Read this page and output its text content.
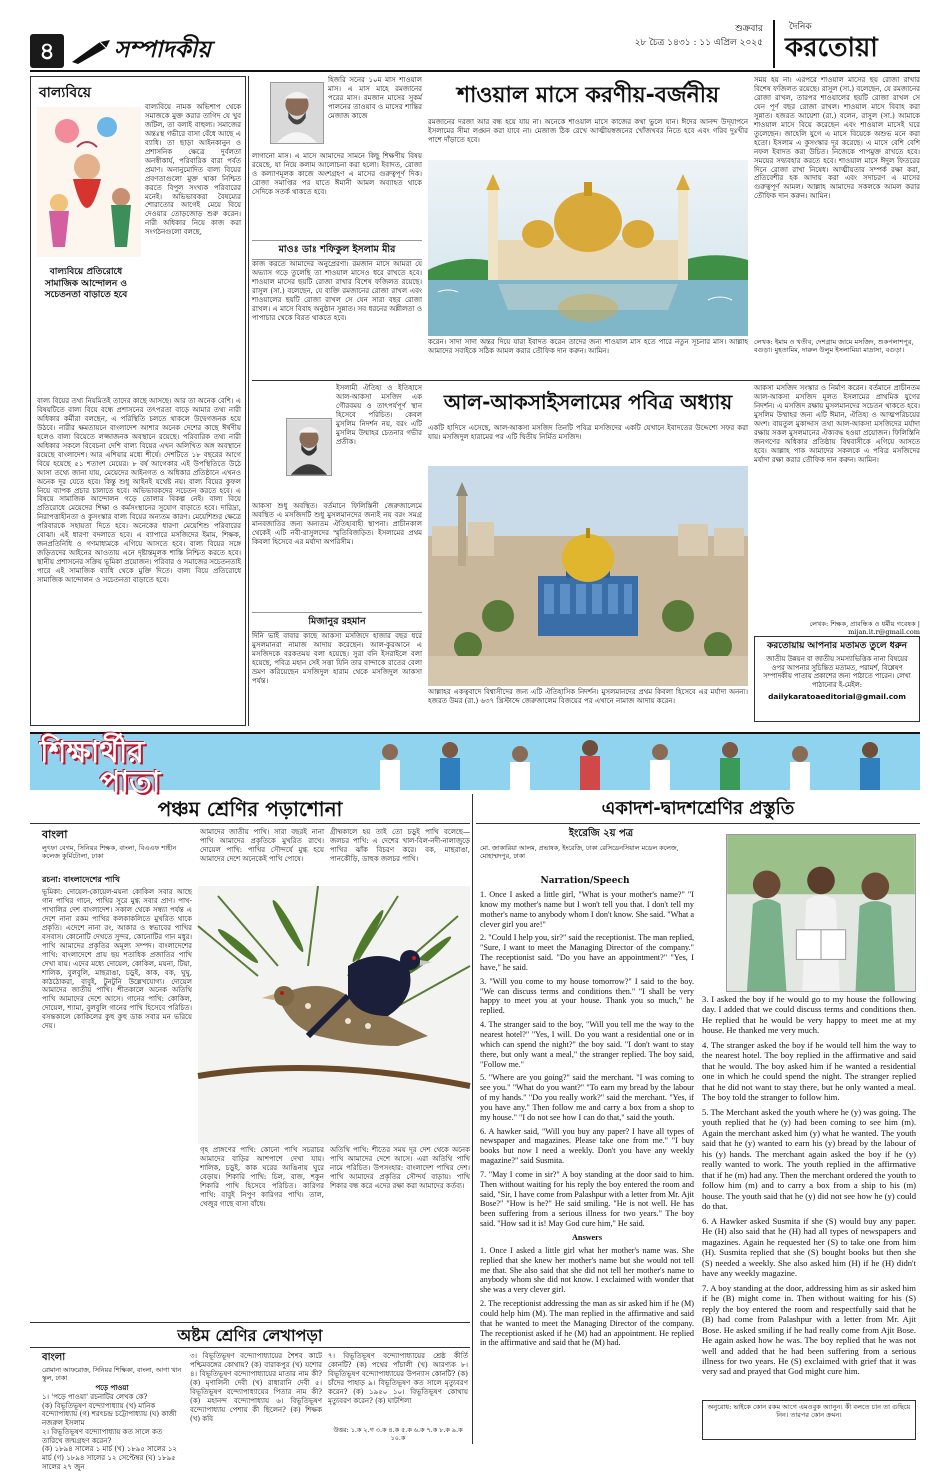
৪	সম্পাদকীয়
শুক্রবার
২৮ চৈত্র ১৪৩১ : ১১ এপ্রিল ২০২৫
দৈনিক
করতোয়া
বাল্যবিয়ে
বাল্যবিয়ে প্রতিরোধে সামাজিক আন্দোলন ও সচেতনতা বাড়াতে হবে
বাল্যবিয়ে নামক অভিশাপ থেকে সমাজকে মুক্ত করার তাগিদ যে খুব জটিল, তা বলাই বাহুল্য। সমাজের অন্তঃস্থ গভীরে বাসা বেঁধে আছে এ ব্যাধি। তা ছাড়া আইনকানুন ও প্রশাসনিক ক্ষেত্রে দুর্বলতা অনস্বীকার্য, পরিবারিক বারা পর্বত প্রমাণ। অনানুমোদিত বাল্য বিয়ের প্রবণতাগুলো মুক্ত থাকা নিশ্চিত করতে বিপুল সংখ্যক পরিবারের মনেই। অভিভাবকরা বৈষম্যের শোরাতোর আগেই মেয়ে বিয়ে দেওয়ার তোড়জোড় শুরু করেন। নারী অধিকার নিয়ে কাজ করা সংগঠনগুলো বলছে,
বাল্য বিয়ের তথ্য নিয়মিতই তাদের কাছে আসছে। আর তা অনেক বেশি। এ বিষয়টিতে বাল্য বিয়ে বন্ধে প্রশাসনের তৎপরতা বাড়ে আমার তথ্য নারী অধিকার কর্মীরা বলছেন, এ পরিস্থিতি চলতে থাকলে উদ্বেগজনক হয়ে উঠবে। নারীর ক্ষমতায়নে বাংলাদেশ আশার অনেক দেশের কাছে ঈর্ষণীয় হলেও বাল্য বিয়েতে লজ্জাজনক অবস্থানে রয়েছে। পরিবারিক তথ্য নারী অধিকার সকলে বিবেচনা দেশি বাল্য বিয়ের এখন অলিখিত অঙ্গ অবস্থানে রয়েছে বাংলাদেশ। আর এশিয়ার মধ্যে শীর্ষে। দেশটিতে ১৮ বছরের আগে বিয়ে হয়েছে ৫১ শতাংশ মেয়ের। ৮ বর্ষ আগেকার এই উপস্থিতিতে উঠে আসা তথ্যে জানা যায়, মেয়েদের আইনগত ও অধিকার প্রতিষ্ঠানে এখনও অনেক দূর যেতে হবে। কিন্তু শুধু আইনই যথেষ্ট নয়। বাল্য বিয়ের কুফল নিয়ে ব্যাপক প্রচার চালাতে হবে। অভিভাবকদের সচেতন করতে হবে। এ বিষয়ে সামাজিক আন্দোলন গড়ে তোলার বিকল্প নেই। বাল্য বিয়ে প্রতিরোধে মেয়েদের শিক্ষা ও কর্মসংস্থানের সুযোগ বাড়াতে হবে। দারিদ্র্য, নিরাপত্তাহীনতা ও কুসংস্কার বাল্য বিয়ের অন্যতম কারণ। মেয়েশিশুর ক্ষেত্রে পরিবারকে সহায়তা দিতে হবে। অনেকের ধারণা মেয়েশিশু পরিবারের বোঝা। এই ধারণা বদলাতে হবে। এ ব্যাপারে মসজিদের ইমাম, শিক্ষক, জনপ্রতিনিধি ও গণমাধ্যমকে এগিয়ে আসতে হবে। বাল্য বিয়ের সঙ্গে জড়িতদের আইনের আওতায় এনে দৃষ্টান্তমূলক শাস্তি নিশ্চিত করতে হবে। স্থানীয় প্রশাসনের সক্রিয় ভূমিকা প্রয়োজন। পরিবার ও সমাজের সচেতনতাই পারে এই সামাজিক ব্যাধি থেকে মুক্তি দিতে। বাল্য বিয়ে প্রতিরোধে সামাজিক আন্দোলন ও সচেতনতা বাড়াতে হবে।
হিজরি সনের ১০ম মাস শাওয়াল মাস। এ মাস মাহে রমজানের পরের মাস। রমজান মাসের সুকর্ম পালনের তাওয়াব ও মাসের শান্তির মেজাজ কাজে
লাগানো মাস। এ মাসে আমাদের সামনে কিছু শিক্ষণীয় বিষয় রয়েছে, যা নিয়ে কলাম আলোচনা করা হলো। ইবাদত, রোজা ও কল্যাণমূলক কাজে অংশগ্রহণ এ মাসের গুরুত্বপূর্ণ দিক। রোজা সমাপ্তির পর যাতে ঈমানী আমল অব্যাহত থাকে সেদিকে সতর্ক থাকতে হবে।
মাওঃ ডাঃ শফিকুল ইসলাম মীর
কাজ করতে আমাদের অনুপ্রেরণা। রমজান মাসে আমরা যে অভ্যাস গড়ে তুলেছি তা শাওয়াল মাসেও ধরে রাখতে হবে। শাওয়াল মাসের ছয়টি রোজা রাখার বিশেষ ফজিলত রয়েছে। রাসুল (সা.) বলেছেন, যে ব্যক্তি রমজানের রোজা রাখল এবং শাওয়ালের ছয়টি রোজা রাখল সে যেন সারা বছর রোজা রাখল। এ মাসে বিবাহ অনুষ্ঠান সুন্নাত। সব ধরনের অশ্লীলতা ও পাপাচার থেকে বিরত থাকতে হবে।
শাওয়াল মাসে করণীয়-বর্জনীয়
রমজানের দরজা আর বন্ধ হয়ে যায় না। অনেকে শাওয়াল মাসে কাজের কথা ভুলে যান। ঈদের আনন্দ উদ্‌যাপনে ইসলামের সীমা লঙ্ঘন করা যাবে না। মেজাজ ঠিক রেখে আত্মীয়স্বজনের খোঁজখবর নিতে হবে এবং গরিব দুঃখীর পাশে দাঁড়াতে হবে।
করেন। সাদা সাদা অন্তর দিয়ে যারা ইবাদত করেন তাদের জন্য শাওয়াল মাস হতে পারে নতুন সূচনার মাস। আল্লাহ আমাদের সবাইকে সঠিক আমল করার তৌফিক দান করুন। আমিন।
সময় হয় না। এরপরে শাওয়াল মাসের ছয় রোজা রাখার বিশেষ ফজিলত রয়েছে। রাসুল (সা.) বলেছেন, যে রমজানের রোজা রাখল, তারপর শাওয়ালের ছয়টি রোজা রাখল সে যেন পূর্ণ বছর রোজা রাখল। শাওয়াল মাসে বিবাহ করা সুন্নাত। হজরত আয়েশা (রা.) বলেন, রাসুল (সা.) আমাকে শাওয়াল মাসে বিয়ে করেছেন এবং শাওয়াল মাসেই ঘরে তুলেছেন। জাহেলি যুগে এ মাসে বিয়েকে অশুভ মনে করা হতো। ইসলাম এ কুসংস্কার দূর করেছে। এ মাসে বেশি বেশি নফল ইবাদত করা উচিত। নিজেকে পাপমুক্ত রাখতে হবে। সময়ের সদ্ব্যবহার করতে হবে। শাওয়াল মাসে ঈদুল ফিতরের দিনে রোজা রাখা নিষেধ। আত্মীয়তার সম্পর্ক রক্ষা করা, প্রতিবেশীর হক আদায় করা এবং সদাচরণ এ মাসের গুরুত্বপূর্ণ আমল। আল্লাহ আমাদের সকলকে আমল করার তৌফিক দান করুন। আমিন।
লেখক: ইমাম ও খতীব, দেশগ্রাম জামে মসজিদ, শুকপলাশপুর, বগুড়া। মুহতামিম, দারুল উলুম ইসলামিয়া মাদ্রাসা, বগুড়া।
ইসলামী ঐতিহ্য ও ইতিহাসে আল-আকসা মসজিদ এক গৌরবময় ও তাৎপর্যপূর্ণ স্থান হিসেবে পরিচিত। কেবল মুসলিম নিদর্শন নয়, বরং এটি মুসলিম উম্মাহর চেতনার গভীর প্রতীক।
আকসা শুধু অবস্থিত। বর্তমানে ফিলিস্তিনী জেরুজালেমে অবস্থিত এ মসজিদটি শুধু মুসলমানদের জন্যই নয় বরং সমগ্র মানবজাতির জন্য অন্যতম ঐতিহ্যবাহী স্থাপনা। প্রাচীনকাল থেকেই এটি নবী-রাসুলদের স্মৃতিবিজড়িত। ইসলামের প্রথম কিবলা হিসেবে এর মর্যাদা অপরিসীম।
মিজানুর রহমান
দিনি ভাই বাবার কাছে আকসা মসজিদে হাজার বছর ধরে মুসলমানরা নামাজ আদায় করেছেন। আল-কুরআনে এ মসজিদকে বরকতময় বলা হয়েছে। সুরা বনি ইসরাইলে বলা হয়েছে, পবিত্র মহান সেই সত্তা যিনি তার বান্দাকে রাতের বেলা ভ্রমণ করিয়েছেন মসজিদুল হারাম থেকে মসজিদুল আকসা পর্যন্ত।
আল-আকসাইসলামের পবিত্র অধ্যায়
একটি হাদিসে এসেছে, আল-আকসা মসজিদ তিনটি পবিত্র মসজিদের একটি যেখানে ইবাদতের উদ্দেশ্যে সফর করা যায়। মসজিদুল হারামের পর এটি দ্বিতীয় নির্মিত মসজিদ।
আল্লাহর একত্ববাদে বিশ্বাসীদের জন্য এটি ঐতিহাসিক নিদর্শন। মুসলমানদের প্রথম কিবলা হিসেবে এর মর্যাদা অনন্য। হজরত উমর (রা.) ৬৩৭ খ্রিস্টাব্দে জেরুজালেম বিজয়ের পর এখানে নামাজ আদায় করেন।
আকসা মসজিদ সংস্কার ও নির্মাণ করেন। বর্তমানে প্রাচীনতম আল-আকসা মসজিদ মূলত ইসলামের প্রাথমিক যুগের নিদর্শন। এ মসজিদ রক্ষায় মুসলমানদের সচেতন থাকতে হবে। মুসলিম উম্মাহর জন্য এটি ঈমান, ঐতিহ্য ও আত্মপরিচয়ের অংশ। বায়তুল মুকাদ্দাস তথা আল-আকসা মসজিদের মর্যাদা রক্ষায় সকল মুসলমানের ঐক্যবদ্ধ হওয়া প্রয়োজন। ফিলিস্তিনি জনগণের অধিকার প্রতিষ্ঠায় বিশ্ববাসীকে এগিয়ে আসতে হবে। আল্লাহ পাক আমাদের সকলকে এ পবিত্র মসজিদের মর্যাদা রক্ষা করার তৌফিক দান করুন। আমিন।
লেখক: শিক্ষক, প্রাবন্ধিক ও ধর্মীয় গবেষক | mijan.it.r@gmail.com
করতোয়ায় আপনার মতামত তুলে ধরুন
জাতীয় উন্নয়ন বা জাতীয় সমস্যাভিত্তিক নানা বিষয়ের ওপর আপনার সুচিন্তিত মতামত, পরামর্শ, বিশ্লেষণ সম্পাদকীয় পাতায় প্রকাশের জন্য পাঠাতে পারেন। লেখা পাঠানোর ই-মেইল:
dailykaratoaeditorial@gmail.com
শিক্ষার্থীর
পাতা
পঞ্চম শ্রেণির পড়াশোনা
বাংলা
লুৎফা বেগম, সিনিয়র শিক্ষক, বাংলা, বিএএফ শাহীন কলেজ কুর্মিটোলা, ঢাকা
রচনা: বাংলাদেশের পাখি
ভূমিকা: দোয়েল-কোয়েল-ময়না কোকিল সবার আছে গান পাখির গানে, পাখির সুরে মুগ্ধ সবার প্রাণ। পাখ-পাখালির দেশ বাংলাদেশ। সকাল থেকে সন্ধ্যা পর্যন্ত এ দেশে নানা রকম পাখির কলকাকলিতে মুখরিত থাকে প্রকৃতি। এদেশে নানা রং, আকার ও স্বভাবের পাখির বসবাস। কোনোটি দেখতে সুন্দর, কোনোটির গান মধুর। পাখি আমাদের প্রকৃতির অমূল্য সম্পদ। বাংলাদেশের পাখি: বাংলাদেশে প্রায় ছয় শতাধিক প্রজাতির পাখি দেখা যায়। এদের মধ্যে দোয়েল, কোকিল, ময়না, টিয়া, শালিক, বুলবুলি, মাছরাঙা, চড়ুই, কাক, বক, ঘুঘু, কাঠঠোকরা, বাবুই, টুনটুনি উল্লেখযোগ্য। দোয়েল আমাদের জাতীয় পাখি। শীতকালে অনেক অতিথি পাখি আমাদের দেশে আসে। গানের পাখি: কোকিল, দোয়েল, শ্যামা, বুলবুলি গানের পাখি হিসেবে পরিচিত। বসন্তকালে কোকিলের কুহু কুহু ডাক সবার মন ভরিয়ে দেয়।
আমাদের জাতীয় পাখি। সারা বছরই নানা পাখি আমাদের প্রকৃতিকে মুখরিত রাখে। দোয়েল পাখি: পাখির সৌন্দর্যে মুগ্ধ হয়ে আমাদের দেশে অনেকেই পাখি পোষে।
গ্রীষ্মকালে হয় তাই তো চড়ুই পাখি বলেছে— জলচর পাখি: এ দেশের খাল-বিল-নদী-নালাজুড়ে পাখির ঝাঁক বিচরণ করে। বক, মাছরাঙা, পানকৌড়ি, ডাহুক জলচর পাখি।
গৃহ প্রাঙ্গণের পাখি: কোনো পাখি সচরাচর আমাদের বাড়ির আশপাশে দেখা যায়। শালিক, চড়ুই, কাক ঘরের আঙিনায় ঘুরে বেড়ায়। শিকারি পাখি: চিল, বাজ, শকুন শিকারি পাখি হিসেবে পরিচিত। কারিগর পাখি: বাবুই নিপুণ কারিগর পাখি। তাল, খেজুর গাছে বাসা বাঁধে।
অতিথি পাখি: শীতের সময় দূর দেশ থেকে অনেক পাখি আমাদের দেশে আসে। এরা অতিথি পাখি নামে পরিচিত। উপসংহার: বাংলাদেশ পাখির দেশ। পাখি আমাদের প্রকৃতির সৌন্দর্য বাড়ায়। পাখি শিকার বন্ধ করে এদের রক্ষা করা আমাদের কর্তব্য।
অষ্টম শ্রেণির লেখাপড়া
বাংলা
রোমানা আফরোজ, সিনিয়র শিক্ষিকা, বাংলা, আগা খান স্কুল, ঢাকা
পড়ে পাওয়া
১। 'পড়ে পাওয়া' রচনাটির লেখক কে?
(ক) বিভূতিভূষণ বন্দ্যোপাধ্যায় (খ) মানিক বন্দ্যোপাধ্যায় (গ) শরৎচন্দ্র চট্টোপাধ্যায় (ঘ) কাজী নজরুল ইসলাম
২। বিভূতিভূষণ বন্দ্যোপাধ্যায় কত সালে কত তারিখে জন্মগ্রহণ করেন?
(ক) ১৮৯৪ সালের ১ মার্চ (খ) ১৮৯৫ সালের ১২ মার্চ (গ) ১৮৯৪ সালের ১২ সেপ্টেম্বর (ঘ) ১৮৯৫ সালের ২৭ জুন
৩। বিভূতিভূষণ বন্দ্যোপাধ্যায়ের শৈশব কাটে পশ্চিমবঙ্গের কোথায়? (ক) বারাকপুর (খ) যশোর ৪। বিভূতিভূষণ বন্দ্যোপাধ্যায়ের মাতার নাম কী? (ক) মৃণালিনী দেবী (খ) রাধারানি দেবী ৫। বিভূতিভূষণ বন্দ্যোপাধ্যায়ের পিতার নাম কী? (ক) মহানন্দ বন্দ্যোপাধ্যায় ৬। বিভূতিভূষণ বন্দ্যোপাধ্যায় পেশায় কী ছিলেন? (ক) শিক্ষক (খ) কবি
৭। বিভূতিভূষণ বন্দ্যোপাধ্যায়ের শ্রেষ্ঠ কীর্তি কোনটি? (ক) পথের পাঁচালী (খ) আরণ্যক ৮। বিভূতিভূষণ বন্দ্যোপাধ্যায়ের উপন্যাস কোনটি? (ক) চাঁদের পাহাড় ৯। বিভূতিভূষণ কত সালে মৃত্যুবরণ করেন? (ক) ১৯৫০ ১০। বিভূতিভূষণ কোথায় মৃত্যুবরণ করেন? (ক) ঘাটশিলা
উত্তর: ১.ক ২.গ ৩.ক ৪.ক ৫.ক ৬.ক ৭.ক ৮.ক ৯.ক ১০.ক
একাদশ-দ্বাদশশ্রেণির প্রস্তুতি
ইংরেজি ২য় পত্র
মো. জাকারিয়া আলম, প্রভাষক, ইংরেজি, ঢাকা রেসিডেনসিয়াল মডেল কলেজ, মোহাম্মদপুর, ঢাকা
Narration/Speech

1. Once I asked a little girl, "What is your mother's name?" "I know my mother's name but I won't tell you that. I don't tell my mother's name to anybody whom I don't know. She said. "What a clever girl you are!"

2. "Could I help you, sir?" said the receptionist. The man replied, "Sure, I want to meet the Managing Director of the company." The receptionist said. "Do you have an appointment?" "Yes, I have," he said.

3. "Will you come to my house tomorrow?" I said to the boy. "We can discuss terms and conditions then." "I shall be very happy to meet you at your house. Thank you so much," he replied.

4. The stranger said to the boy, "Will you tell me the way to the nearest hotel?" "Yes, I will. Do you want a residential one or in which can spend the night?" the boy said. "I don't want to stay there, but only want a meal," the stranger replied. The boy said, "Follow me."

5. "Where are you going?" said the merchant. "I was coming to see you." "What do you want?" "To earn my bread by the labour of my hands." "Do you really work?" said the merchant. "Yes, if you have any." Then follow me and carry a box from a shop to my house." "I do not see how I can do that," said the youth.

6. A hawker said, "Will you buy any paper? I have all types of newspaper and magazines. Please take one from me." "I buy books but now I need a weekly. Don't you have any weekly magazine?" said Susmita.

7. "May I come in sir?" A boy standing at the door said to him. Then without waiting for his reply the boy entered the room and said, "Sir, I have come from Palashpur with a letter from Mr. Ajit Bose?" "How is he?" He said smiling. "He is not well. He has been suffering from a serious illness for two years." The boy said. "How sad it is! May God cure him," He said.

Answers

1. Once I asked a little girl what her mother's name was. She replied that she knew her mother's name but she would not tell me that. She also said that she did not tell her mother's name to anybody whom she did not know. I exclaimed with wonder that she was a very clever girl.

2. The receptionist addressing the man as sir asked him if he (M) could help him (M). The man replied in the affirmative and said that he wanted to meet the Managing Director of the company. The receptionist asked if he (M) had an appointment. He replied in the affirmative and said that he (M) had.

3. I asked the boy if he would go to my house the following day. I added that we could discuss terms and conditions then. He replied that he would be very happy to meet me at my house. He thanked me very much.

4. The stranger asked the boy if he would tell him the way to the nearest hotel. The boy replied in the affirmative and said that he would. The boy asked him if he wanted a residential one in which he could spend the night. The stranger replied that he did not want to stay there, but he only wanted a meal. The boy told the stranger to follow him.

5. The Merchant asked the youth where he (y) was going. The youth replied that he (y) had been coming to see him (m). Again the merchant asked him (y) what he wanted. The youth said that he (y) wanted to earn his (y) bread by the labour of his (y) hands. The merchant again asked the boy if he (y) really wanted to work. The youth replied in the affirmative that if he (m) had any. Then the merchant ordered the youth to follow him (m) and to carry a box from a ship to his (m) house. The youth said that he (y) did not see how he (y) could do that.

6. A Hawker asked Susmita if she (S) would buy any paper. He (H) also said that he (H) had all types of newspapers and magazines. Again he requested her (S) to take one from him (H). Susmita replied that she (S) bought books but then she (S) needed a weekly. She also asked him (H) if he (H) didn't have any weekly magazine.

7. A boy standing at the door, addressing him as sir asked him if he (B) might come in. Then without waiting for his (S) reply the boy entered the room and respectfully said that he (B) had come from Palashpur with a letter from Mr. Ajit Bose. He asked smiling if he had really come from Ajit Bose. He again asked how he was. The boy replied that he was not well and added that he had been suffering from a serious illness for two years. He (S) exclaimed with grief that it was very sad and prayed that God might cure him.

অনুরোধ: ভাইকে কোন রকম আগে এমওবুক অ্যানুন। কী বলতে চান তা গুছিয়ে নিন। তারপর কোন ক্রমন।
